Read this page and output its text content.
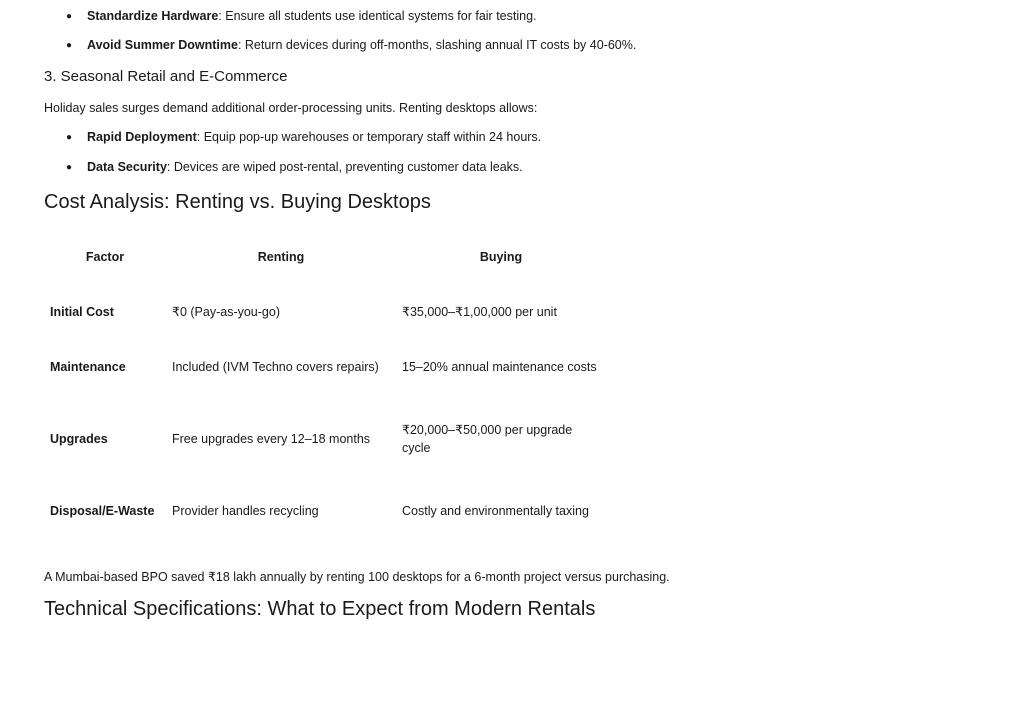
● Standardize Hardware: Ensure all students use identical systems for fair testing.
● Avoid Summer Downtime: Return devices during off-months, slashing annual IT costs by 40-60%.
3. Seasonal Retail and E-Commerce
Holiday sales surges demand additional order-processing units. Renting desktops allows:
● Rapid Deployment: Equip pop-up warehouses or temporary staff within 24 hours.
● Data Security: Devices are wiped post-rental, preventing customer data leaks.
Cost Analysis: Renting vs. Buying Desktops
Factor	Renting	Buying
Initial Cost	₹0 (Pay-as-you-go)	₹35,000–₹1,00,000 per unit
Maintenance	Included (IVM Techno covers repairs)	15–20% annual maintenance costs
Upgrades	Free upgrades every 12–18 months	₹20,000–₹50,000 per upgrade cycle
Disposal/E-Waste	Provider handles recycling	Costly and environmentally taxing
A Mumbai-based BPO saved ₹18 lakh annually by renting 100 desktops for a 6-month project versus purchasing.
Technical Specifications: What to Expect from Modern Rentals
